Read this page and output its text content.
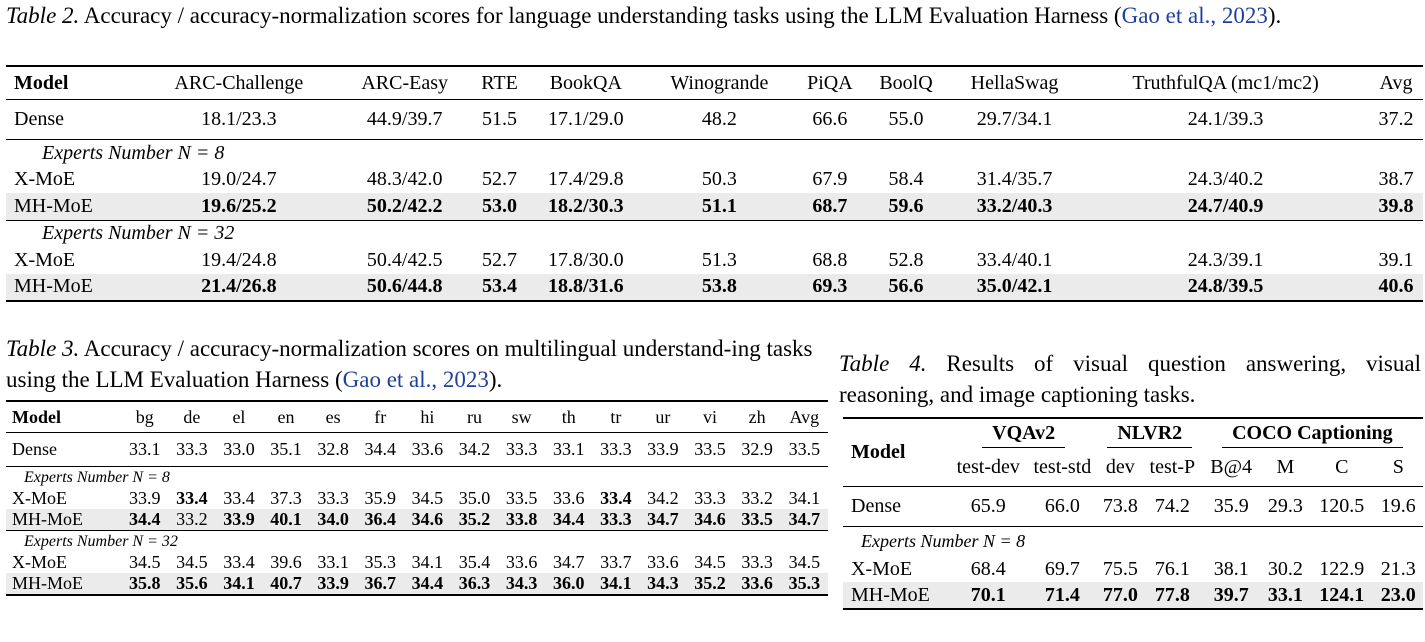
Table 2. Accuracy / accuracy-normalization scores for language understanding tasks using the LLM Evaluation Harness (Gao et al., 2023).
Model	ARC-Challenge	ARC-Easy	RTE	BookQA	Winogrande	PiQA	BoolQ	HellaSwag	TruthfulQA (mc1/mc2)	Avg
Dense	18.1/23.3	44.9/39.7	51.5	17.1/29.0	48.2	66.6	55.0	29.7/34.1	24.1/39.3	37.2
Experts Number N = 8										
X-MoE	19.0/24.7	48.3/42.0	52.7	17.4/29.8	50.3	67.9	58.4	31.4/35.7	24.3/40.2	38.7
MH-MoE	19.6/25.2	50.2/42.2	53.0	18.2/30.3	51.1	68.7	59.6	33.2/40.3	24.7/40.9	39.8
Experts Number N = 32										
X-MoE	19.4/24.8	50.4/42.5	52.7	17.8/30.0	51.3	68.8	52.8	33.4/40.1	24.3/39.1	39.1
MH-MoE	21.4/26.8	50.6/44.8	53.4	18.8/31.6	53.8	69.3	56.6	35.0/42.1	24.8/39.5	40.6
Table 3. Accuracy / accuracy-normalization scores on multilingual understand-ing tasks using the LLM Evaluation Harness (Gao et al., 2023).
Model	bg	de	el	en	es	fr	hi	ru	sw	th	tr	ur	vi	zh	Avg
Dense	33.1	33.3	33.0	35.1	32.8	34.4	33.6	34.2	33.3	33.1	33.3	33.9	33.5	32.9	33.5
Experts Number N = 8															
X-MoE	33.9	33.4	33.4	37.3	33.3	35.9	34.5	35.0	33.5	33.6	33.4	34.2	33.3	33.2	34.1
MH-MoE	34.4	33.2	33.9	40.1	34.0	36.4	34.6	35.2	33.8	34.4	33.3	34.7	34.6	33.5	34.7
Experts Number N = 32															
X-MoE	34.5	34.5	33.4	39.6	33.1	35.3	34.1	35.4	33.6	34.7	33.7	33.6	34.5	33.3	34.5
MH-MoE	35.8	35.6	34.1	40.7	33.9	36.7	34.4	36.3	34.3	36.0	34.1	34.3	35.2	33.6	35.3
Table 4. Results of visual question answering, visual reasoning, and image captioning tasks.
Model	VQAv2		NLVR2		COCO Captioning			
	test-dev	test-std	dev	test-P	B@4	M	C	S
Dense	65.9	66.0	73.8	74.2	35.9	29.3	120.5	19.6
Experts Number N = 8								
X-MoE	68.4	69.7	75.5	76.1	38.1	30.2	122.9	21.3
MH-MoE	70.1	71.4	77.0	77.8	39.7	33.1	124.1	23.0
